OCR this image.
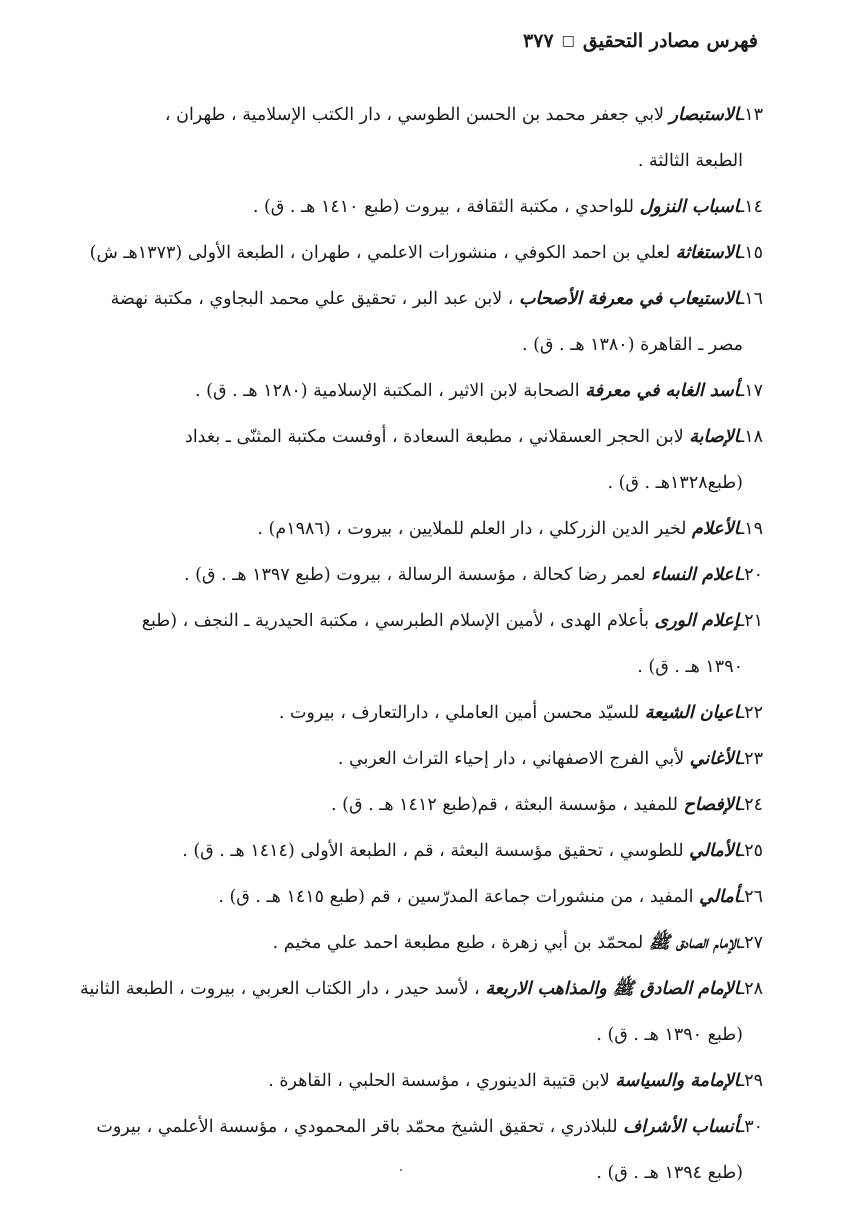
فهرس مصادر التحقيق
□
٣٧٧
١٣ـالاستبصار لابي جعفر محمد بن الحسن الطوسي ، دار الكتب الإسلامية ، طهران ،
الطبعة الثالثة .
١٤ـاسباب النزول للواحدي ، مكتبة الثقافة ، بيروت (طبع ١٤١٠ هـ . ق) .
١٥ـالاستغاثة لعلي بن احمد الكوفي ، منشورات الاعلمي ، طهران ، الطبعة الأولى (١٣٧٣هـ ش)
١٦ـالاستيعاب في معرفة الأصحاب ، لابن عبد البر ، تحقيق علي محمد البجاوي ، مكتبة نهضة
مصر ـ القاهرة (١٣٨٠ هـ . ق) .
١٧ـأسد الغابه في معرفة الصحابة لابن الاثير ، المكتبة الإسلامية (١٢٨٠ هـ . ق) .
١٨ـالإصابة لابن الحجر العسقلاني ، مطبعة السعادة ، أوفست مكتبة المثنّى ـ بغداد
(طبع١٣٢٨هـ . ق) .
١٩ـالأعلام لخير الدين الزركلي ، دار العلم للملايين ، بيروت ، (١٩٨٦م) .
٢٠ـاعلام النساء لعمر رضا كحالة ، مؤسسة الرسالة ، بيروت (طبع ١٣٩٧ هـ . ق) .
٢١ـإعلام الورى بأعلام الهدى ، لأمين الإسلام الطبرسي ، مكتبة الحيدرية ـ النجف ، (طبع
١٣٩٠ هـ . ق) .
٢٢ـاعيان الشيعة للسيّد محسن أمين العاملي ، دارالتعارف ، بيروت .
٢٣ـالأغاني لأبي الفرج الاصفهاني ، دار إحياء التراث العربي .
٢٤ـالإفصاح للمفيد ، مؤسسة البعثة ، قم(طبع ١٤١٢ هـ . ق) .
٢٥ـالأمالي للطوسي ، تحقيق مؤسسة البعثة ، قم ، الطبعة الأولى (١٤١٤ هـ . ق) .
٢٦ـأمالي المفيد ، من منشورات جماعة المدرّسين ، قم (طبع ١٤١٥ هـ . ق) .
٢٧ـالإمام الصادق ﷺ لمحمّد بن أبي زهرة ، طبع مطبعة احمد علي مخيم .
٢٨ـالإمام الصادق ﷺ والمذاهب الاربعة ، لأسد حيدر ، دار الكتاب العربي ، بيروت ، الطبعة الثانية
(طبع ١٣٩٠ هـ . ق) .
٢٩ـالإمامة والسياسة لابن قتيبة الدينوري ، مؤسسة الحلبي ، القاهرة .
٣٠ـأنساب الأشراف للبلاذري ، تحقيق الشيخ محمّد باقر المحمودي ، مؤسسة الأعلمي ، بيروت
(طبع ١٣٩٤ هـ . ق) .
